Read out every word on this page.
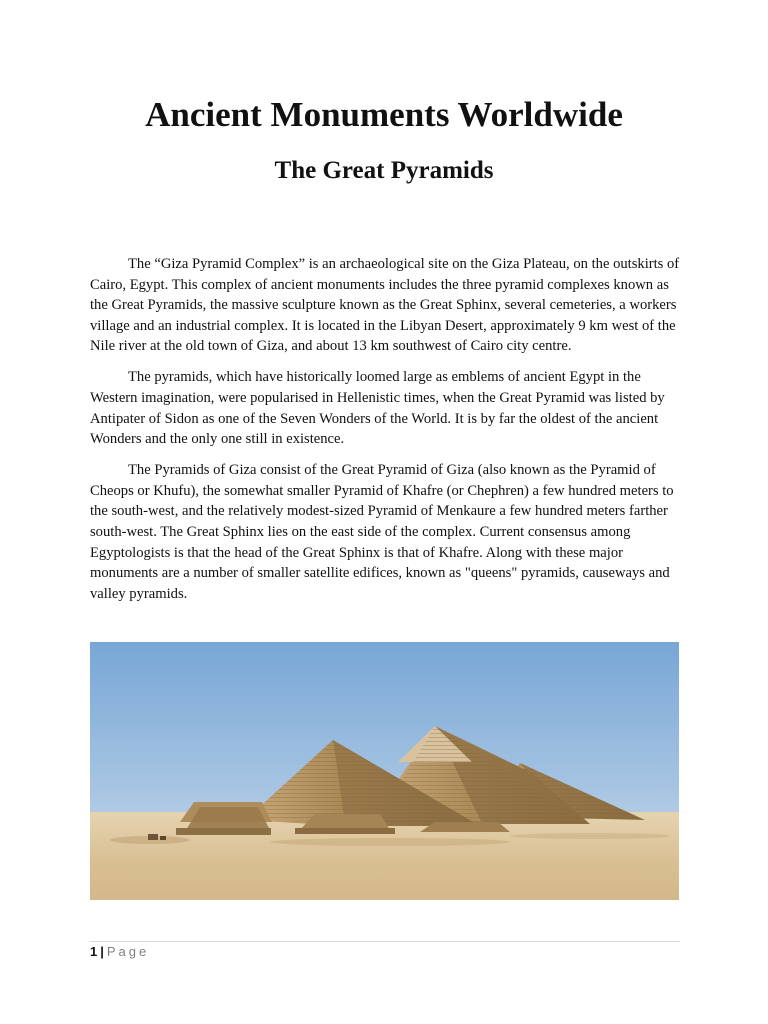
Ancient Monuments Worldwide
The Great Pyramids

The “Giza Pyramid Complex” is an archaeological site on the Giza Plateau, on the outskirts of Cairo, Egypt. This complex of ancient monuments includes the three pyramid complexes known as the Great Pyramids, the massive sculpture known as the Great Sphinx, several cemeteries, a workers village and an industrial complex. It is located in the Libyan Desert, approximately 9 km west of the Nile river at the old town of Giza, and about 13 km southwest of Cairo city centre.

The pyramids, which have historically loomed large as emblems of ancient Egypt in the Western imagination, were popularised in Hellenistic times, when the Great Pyramid was listed by Antipater of Sidon as one of the Seven Wonders of the World. It is by far the oldest of the ancient Wonders and the only one still in existence.

The Pyramids of Giza consist of the Great Pyramid of Giza (also known as the Pyramid of Cheops or Khufu), the somewhat smaller Pyramid of Khafre (or Chephren) a few hundred meters to the south-west, and the relatively modest-sized Pyramid of Menkaure a few hundred meters farther south-west. The Great Sphinx lies on the east side of the complex. Current consensus among Egyptologists is that the head of the Great Sphinx is that of Khafre. Along with these major monuments are a number of smaller satellite edifices, known as "queens" pyramids, causeways and valley pyramids.

1 | Page
